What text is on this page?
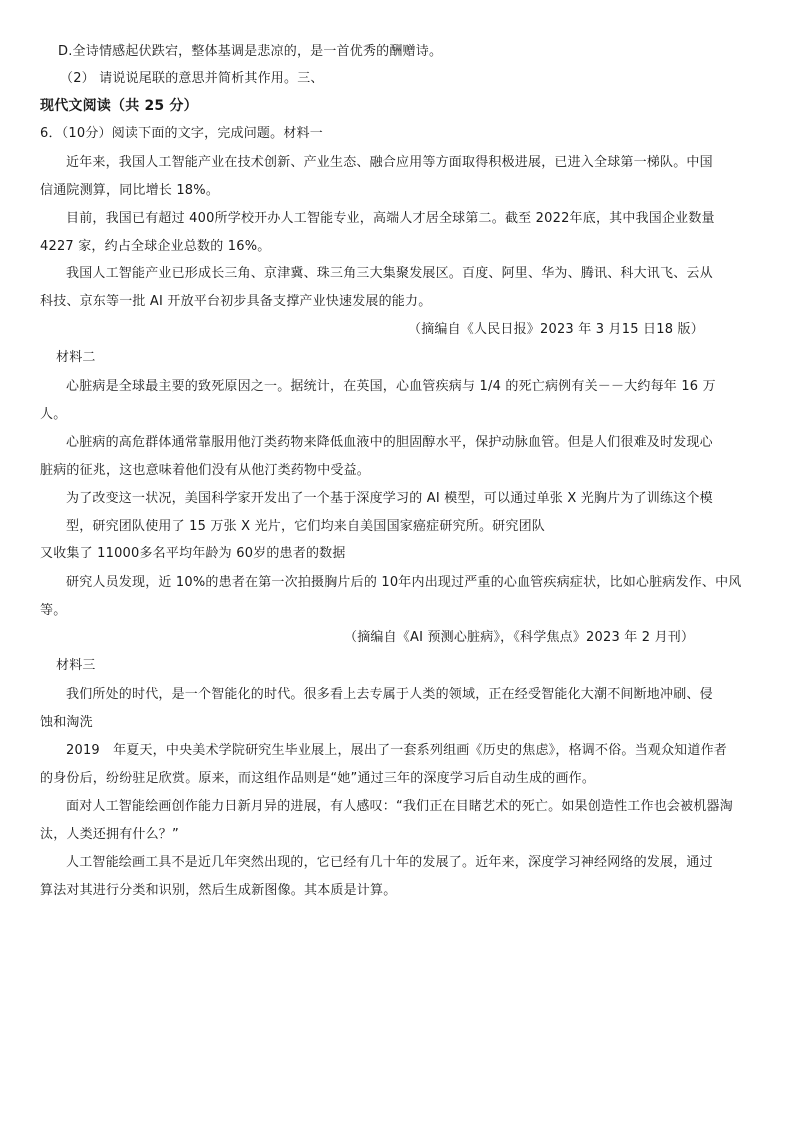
D.全诗情感起伏跌宕，整体基调是悲凉的，是一首优秀的酬赠诗。
（2） 请说说尾联的意思并简析其作用。三、
现代文阅读（共 25 分）
6．（10分）阅读下面的文字，完成问题。材料一
近年来，我国人工智能产业在技术创新、产业生态、融合应用等方面取得积极进展，已进入全球第一梯队。中国
信通院测算，同比增长 18%。
目前，我国已有超过 400所学校开办人工智能专业，高端人才居全球第二。截至 2022年底，其中我国企业数量
4227 家，约占全球企业总数的 16%。
我国人工智能产业已形成长三角、京津冀、珠三角三大集聚发展区。百度、阿里、华为、腾讯、科大讯飞、云从
科技、京东等一批 AI 开放平台初步具备支撑产业快速发展的能力。
（摘编自《人民日报》2023 年 3 月15 日18 版）
材料二
心脏病是全球最主要的致死原因之一。据统计，在英国，心血管疾病与 1/4 的死亡病例有关－－大约每年 16 万
人。
心脏病的高危群体通常靠服用他汀类药物来降低血液中的胆固醇水平，保护动脉血管。但是人们很难及时发现心
脏病的征兆，这也意味着他们没有从他汀类药物中受益。
为了改变这一状况，美国科学家开发出了一个基于深度学习的 AI 模型，可以通过单张 X 光胸片为了训练这个模
型，研究团队使用了 15 万张 X 光片，它们均来自美国国家癌症研究所。研究团队
又收集了 11000多名平均年龄为 60岁的患者的数据
研究人员发现，近 10%的患者在第一次拍摄胸片后的 10年内出现过严重的心血管疾病症状，比如心脏病发作、中风
等。
（摘编自《AI 预测心脏病》，《科学焦点》2023 年 2 月刊）
材料三
我们所处的时代，是一个智能化的时代。很多看上去专属于人类的领域，正在经受智能化大潮不间断地冲刷、侵
蚀和淘洗
2019　年夏天，中央美术学院研究生毕业展上，展出了一套系列组画《历史的焦虑》，格调不俗。当观众知道作者
的身份后，纷纷驻足欣赏。原来，而这组作品则是“她”通过三年的深度学习后自动生成的画作。
面对人工智能绘画创作能力日新月异的进展，有人感叹：“我们正在目睹艺术的死亡。如果创造性工作也会被机器淘
汰，人类还拥有什么？”
人工智能绘画工具不是近几年突然出现的，它已经有几十年的发展了。近年来，深度学习神经网络的发展，通过
算法对其进行分类和识别，然后生成新图像。其本质是计算。
